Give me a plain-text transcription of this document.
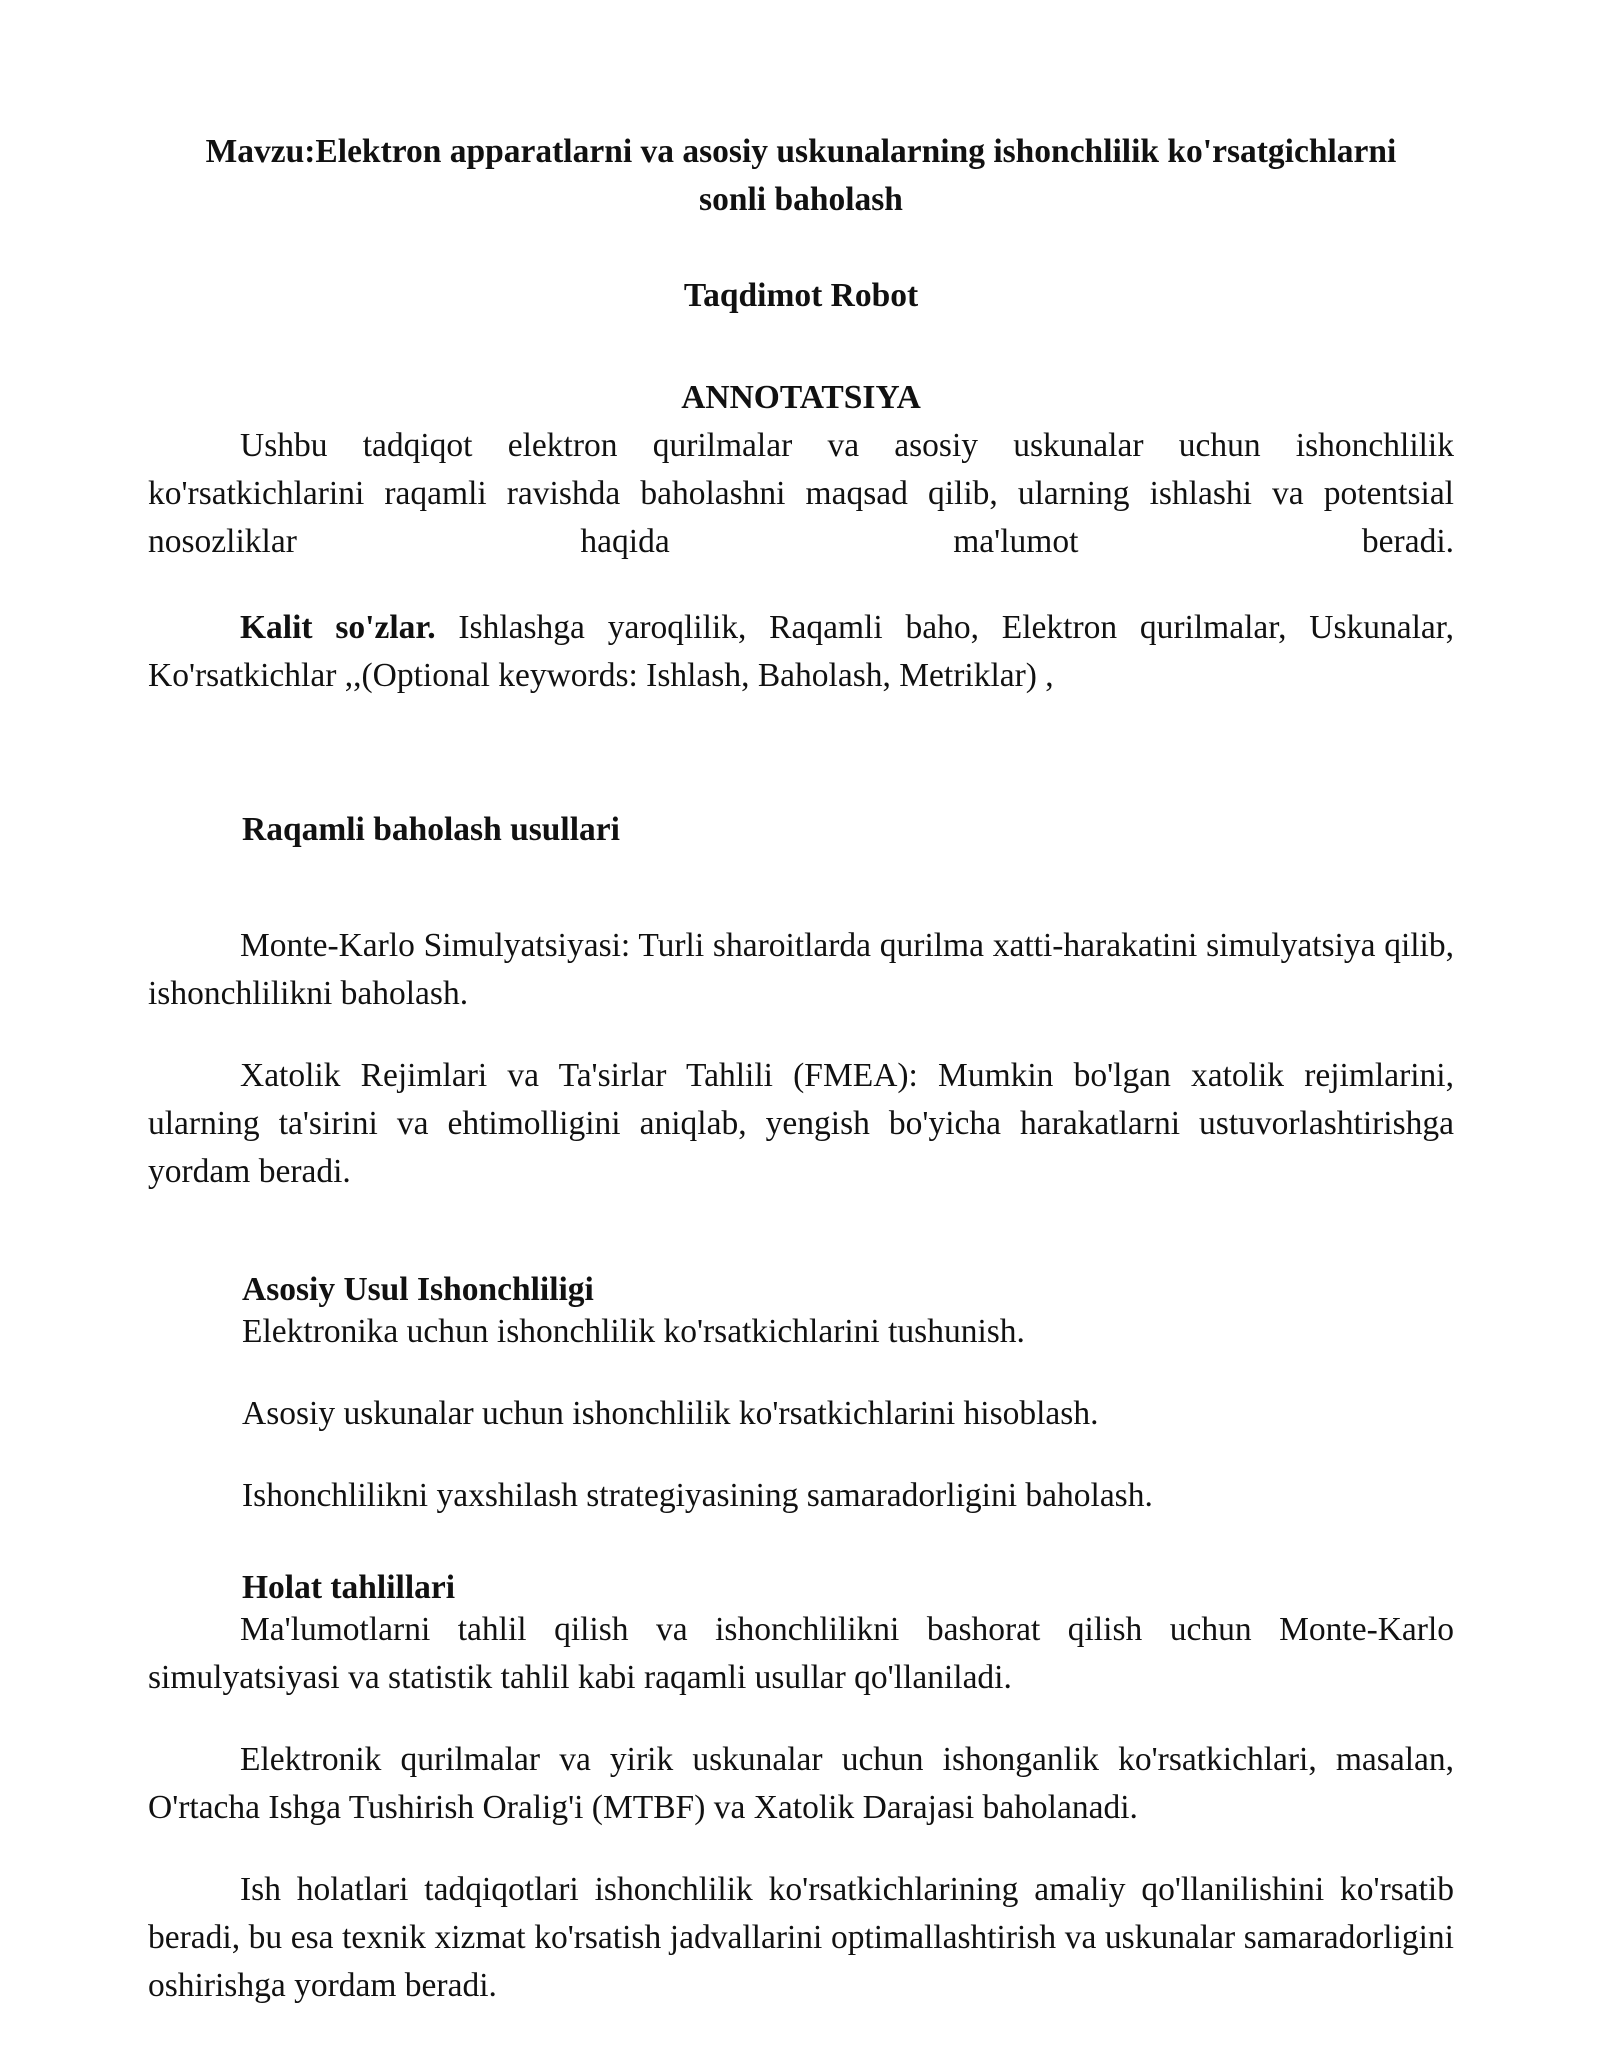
Mavzu:Elektron apparatlarni va asosiy uskunalarning ishonchlilik ko'rsatgichlarni

sonli baholash

Taqdimot Robot

ANNOTATSIYA

Ushbu tadqiqot elektron qurilmalar va asosiy uskunalar uchun ishonchlilik

ko'rsatkichlarini raqamli ravishda baholashni maqsad qilib, ularning ishlashi va potentsial

nosozliklar haqida ma'lumot beradi.

Kalit so'zlar. Ishlashga yaroqlilik, Raqamli baho, Elektron qurilmalar, Uskunalar,

Ko'rsatkichlar ,,(Optional keywords: Ishlash, Baholash, Metriklar) ,

Raqamli baholash usullari

Monte-Karlo Simulyatsiyasi: Turli sharoitlarda qurilma xatti-harakatini simulyatsiya qilib, ishonchlilikni baholash.

Xatolik Rejimlari va Ta'sirlar Tahlili (FMEA): Mumkin bo'lgan xatolik rejimlarini, ularning ta'sirini va ehtimolligini aniqlab, yengish bo'yicha harakatlarni ustuvorlashtirishga yordam beradi.

Asosiy Usul Ishonchliligi

Elektronika uchun ishonchlilik ko'rsatkichlarini tushunish.

Asosiy uskunalar uchun ishonchlilik ko'rsatkichlarini hisoblash.

Ishonchlilikni yaxshilash strategiyasining samaradorligini baholash.

Holat tahlillari

Ma'lumotlarni tahlil qilish va ishonchlilikni bashorat qilish uchun Monte-Karlo simulyatsiyasi va statistik tahlil kabi raqamli usullar qo'llaniladi.

Elektronik qurilmalar va yirik uskunalar uchun ishonganlik ko'rsatkichlari, masalan, O'rtacha Ishga Tushirish Oralig'i (MTBF) va Xatolik Darajasi baholanadi.

Ish holatlari tadqiqotlari ishonchlilik ko'rsatkichlarining amaliy qo'llanilishini ko'rsatib beradi, bu esa texnik xizmat ko'rsatish jadvallarini optimallashtirish va uskunalar samaradorligini oshirishga yordam beradi.
